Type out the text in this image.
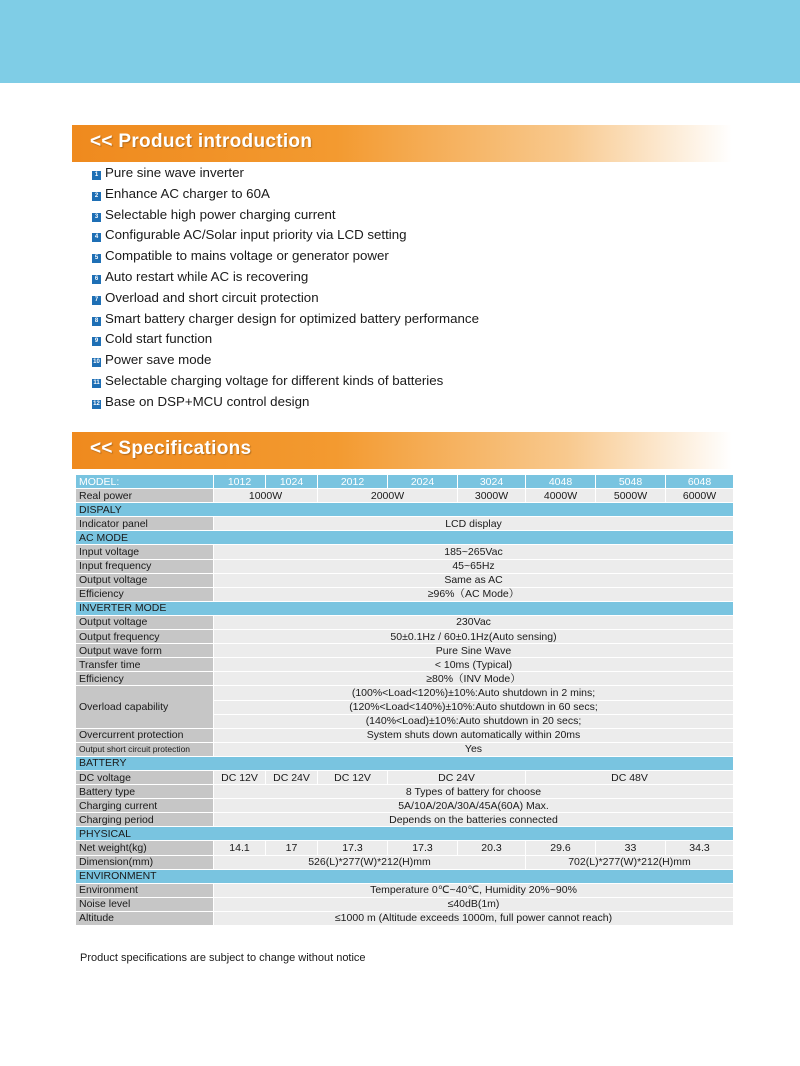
<< Product introduction
1 Pure sine wave inverter
2 Enhance AC charger to 60A
3 Selectable high power charging current
4 Configurable AC/Solar input priority via LCD setting
5 Compatible to mains voltage or generator power
6 Auto restart while AC is recovering
7 Overload and short circuit protection
8 Smart battery charger design for optimized battery performance
9 Cold start function
10 Power save mode
11 Selectable charging voltage for different kinds of batteries
12 Base on DSP+MCU control design
<< Specifications
MODEL:	1012	1024	2012	2024	3024	4048	5048	6048
Real power	1000W		2000W		3000W	4000W	5000W	6000W
DISPALY								
Indicator panel	LCD display							
AC MODE								
Input voltage	185~265Vac							
Input frequency	45~65Hz							
Output voltage	Same as AC							
Efficiency	≥96%（AC Mode）							
INVERTER MODE								
Output voltage	230Vac							
Output frequency	50±0.1Hz / 60±0.1Hz(Auto sensing)							
Output wave form	Pure Sine Wave							
Transfer time	< 10ms (Typical)							
Efficiency	≥80%（INV Mode）							
Overload capability	(100%<Load<120%)±10%:Auto shutdown in 2 mins;							
	(120%<Load<140%)±10%:Auto shutdown in 60 secs;							
	(140%<Load)±10%:Auto shutdown in 20 secs;							
Overcurrent protection	System shuts down automatically within 20ms							
Output short circuit protection	Yes							
BATTERY								
DC voltage	DC 12V	DC 24V	DC 12V	DC 24V		DC 48V		
Battery type	8 Types of battery for choose							
Charging current	5A/10A/20A/30A/45A(60A) Max.							
Charging period	Depends on the batteries connected							
PHYSICAL								
Net weight(kg)	14.1	17	17.3	17.3	20.3	29.6	33	34.3
Dimension(mm)	526(L)*277(W)*212(H)mm					702(L)*277(W)*212(H)mm		
ENVIRONMENT								
Environment	Temperature 0℃~40℃, Humidity 20%~90%							
Noise level	≤40dB(1m)							
Altitude	≤1000 m (Altitude exceeds 1000m, full power cannot reach)							
Product specifications are subject to change without notice
